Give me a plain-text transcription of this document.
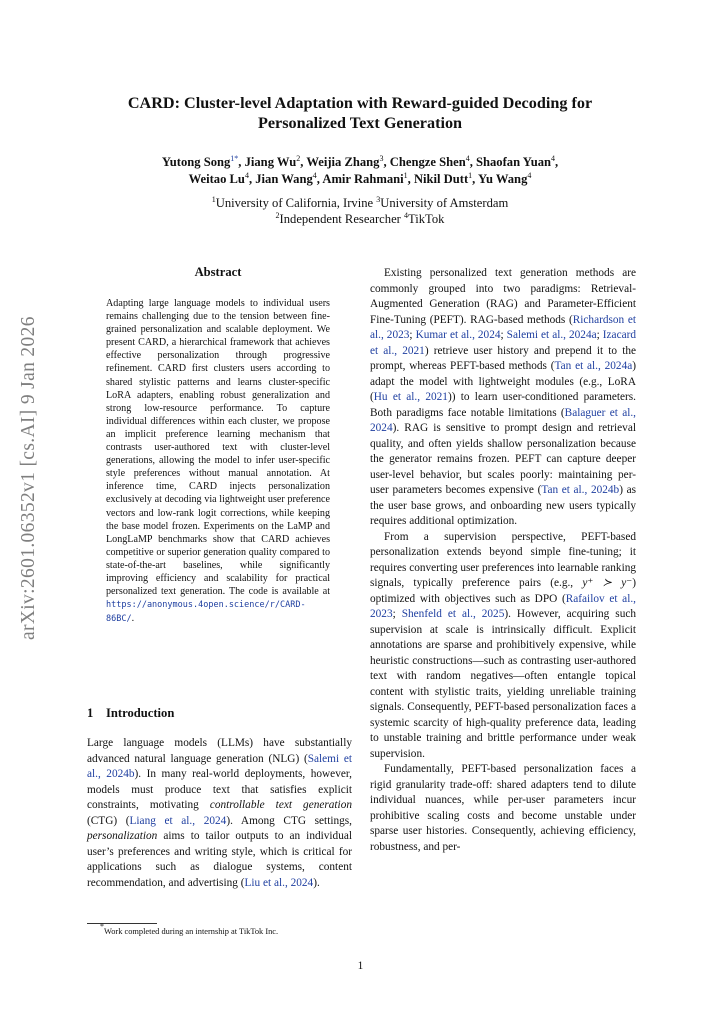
arXiv:2601.06352v1 [cs.AI] 9 Jan 2026
CARD: Cluster-level Adaptation with Reward-guided Decoding for
Personalized Text Generation
Yutong Song$^{1*}$, Jiang Wu$^2$, Weijia Zhang$^3$, Chengze Shen$^4$, Shaofan Yuan$^4$,
Weitao Lu$^4$, Jian Wang$^4$, Amir Rahmani$^1$, Nikil Dutt$^1$, Yu Wang$^4$
$^1$University of California, Irvine $^3$University of Amsterdam
$^2$Independent Researcher $^4$TikTok
Abstract
Adapting large language models to individual users remains challenging due to the tension between fine-grained personalization and scalable deployment. We present CARD, a hierarchical framework that achieves effective personalization through progressive refinement. CARD first clusters users according to shared stylistic patterns and learns cluster-specific LoRA adapters, enabling robust generalization and strong low-resource performance. To capture individual differences within each cluster, we propose an implicit preference learning mechanism that contrasts user-authored text with cluster-level generations, allowing the model to infer user-specific style preferences without manual annotation. At inference time, CARD injects personalization exclusively at decoding via lightweight user preference vectors and low-rank logit corrections, while keeping the base model frozen. Experiments on the LaMP and LongLaMP benchmarks show that CARD achieves competitive or superior generation quality compared to state-of-the-art baselines, while significantly improving efficiency and scalability for practical personalized text generation. The code is available at https://anonymous.4open.science/r/CARD-86BC/.
1 Introduction
Large language models (LLMs) have substantially advanced natural language generation (NLG) (Salemi et al., 2024b). In many real-world deployments, however, models must produce text that satisfies explicit constraints, motivating controllable text generation (CTG) (Liang et al., 2024). Among CTG settings, personalization aims to tailor outputs to an individual user’s preferences and writing style, which is critical for applications such as dialogue systems, content recommendation, and advertising (Liu et al., 2024).
*Work completed during an internship at TikTok Inc.

Existing personalized text generation methods are commonly grouped into two paradigms: Retrieval-Augmented Generation (RAG) and Parameter-Efficient Fine-Tuning (PEFT). RAG-based methods (Richardson et al., 2023; Kumar et al., 2024; Salemi et al., 2024a; Izacard et al., 2021) retrieve user history and prepend it to the prompt, whereas PEFT-based methods (Tan et al., 2024a) adapt the model with lightweight modules (e.g., LoRA (Hu et al., 2021)) to learn user-conditioned parameters. Both paradigms face notable limitations (Balaguer et al., 2024). RAG is sensitive to prompt design and retrieval quality, and often yields shallow personalization because the generator remains frozen. PEFT can capture deeper user-level behavior, but scales poorly: maintaining per-user parameters becomes expensive (Tan et al., 2024b) as the user base grows, and onboarding new users typically requires additional optimization.

From a supervision perspective, PEFT-based personalization extends beyond simple fine-tuning; it requires converting user preferences into learnable ranking signals, typically preference pairs (e.g., y⁺ ≻ y⁻) optimized with objectives such as DPO (Rafailov et al., 2023; Shenfeld et al., 2025). However, acquiring such supervision at scale is intrinsically difficult. Explicit annotations are sparse and prohibitively expensive, while heuristic constructions—such as contrasting user-authored text with random negatives—often entangle topical content with stylistic traits, yielding unreliable training signals. Consequently, PEFT-based personalization faces a systemic scarcity of high-quality preference data, leading to unstable training and brittle performance under weak supervision.

Fundamentally, PEFT-based personalization faces a rigid granularity trade-off: shared adapters tend to dilute individual nuances, while per-user parameters incur prohibitive scaling costs and become unstable under sparse user histories. Consequently, achieving efficiency, robustness, and per-

1
